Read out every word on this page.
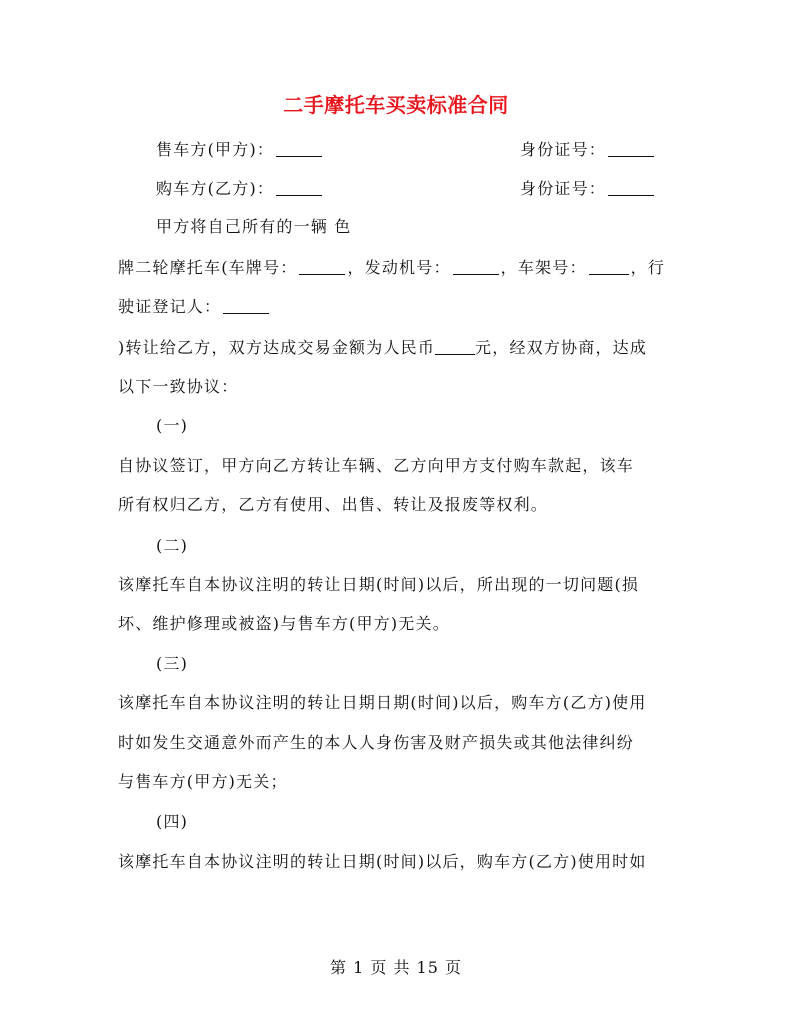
二手摩托车买卖标准合同
售车方(甲方)：	身份证号：
购车方(乙方)：	身份证号：
甲方将自己所有的一辆 色
牌二轮摩托车(车牌号：	，发动机号：	，车架号：	，行
驶证登记人：
)转让给乙方，双方达成交易金额为人民币	元，经双方协商，达成
以下一致协议：
(一)
自协议签订，甲方向乙方转让车辆、乙方向甲方支付购车款起，该车
所有权归乙方，乙方有使用、出售、转让及报废等权利。
(二)
该摩托车自本协议注明的转让日期(时间)以后，所出现的一切问题(损
坏、维护修理或被盗)与售车方(甲方)无关。
(三)
该摩托车自本协议注明的转让日期日期(时间)以后，购车方(乙方)使用
时如发生交通意外而产生的本人人身伤害及财产损失或其他法律纠纷
与售车方(甲方)无关；
(四)
该摩托车自本协议注明的转让日期(时间)以后，购车方(乙方)使用时如
第 1 页 共 15 页
